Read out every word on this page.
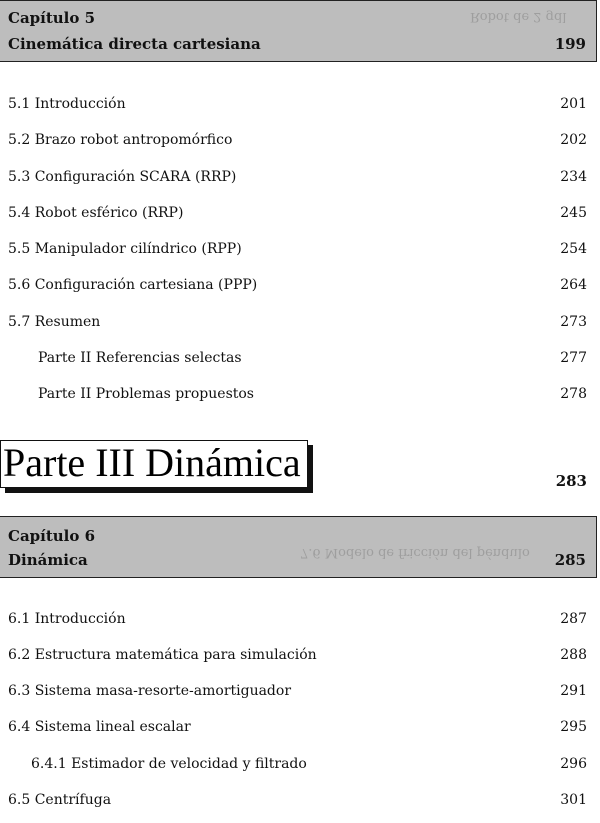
Robot de 2 gdl
Capítulo 5
Cinemática directa cartesiana	199
5.1 Introducción	201
5.2 Brazo robot antropomórfico	202
5.3 Configuración SCARA (RRP)	234
5.4 Robot esférico (RRP)	245
5.5 Manipulador cilíndrico (RPP)	254
5.6 Configuración cartesiana (PPP)	264
5.7 Resumen	273
Parte II Referencias selectas	277
Parte II Problemas propuestos	278
Parte III Dinámica	283
7.6 Modelo de fricción del péndulo
Capítulo 6
Dinámica	285
6.1 Introducción	287
6.2 Estructura matemática para simulación	288
6.3 Sistema masa-resorte-amortiguador	291
6.4 Sistema lineal escalar	295
6.4.1 Estimador de velocidad y filtrado	296
6.5 Centrífuga	301
